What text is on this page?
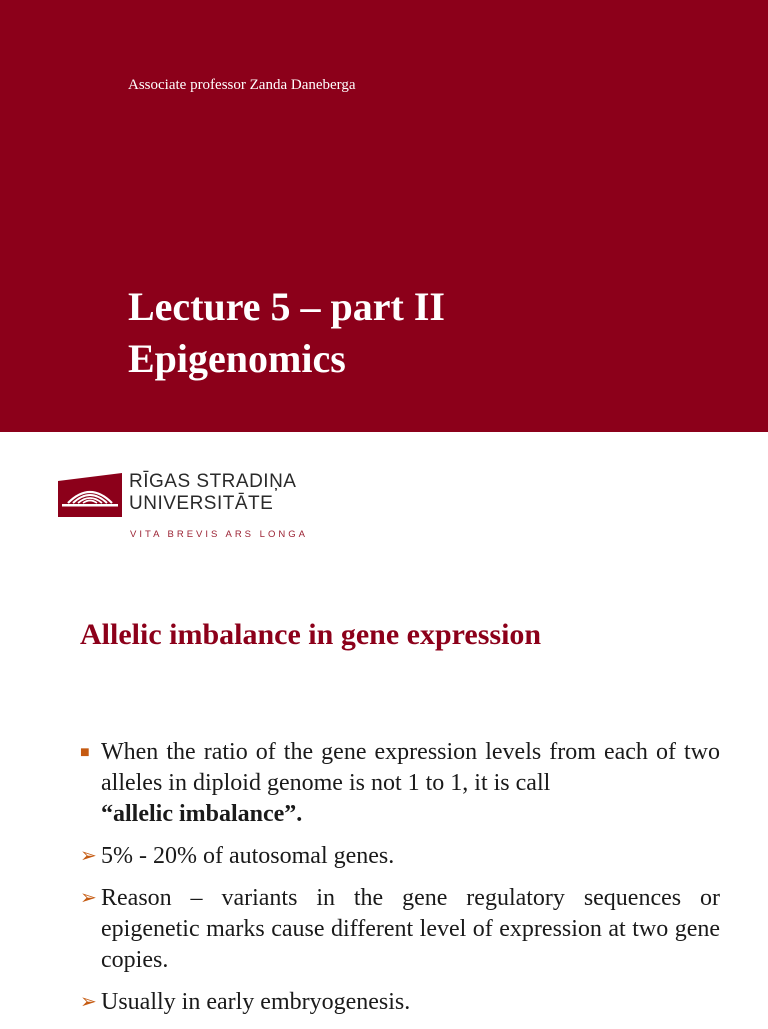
Associate professor Zanda Daneberga
Lecture 5 – part II
Epigenomics
RĪGAS STRADIŅA
UNIVERSITĀTE
VITA BREVIS ARS LONGA
Allelic imbalance in gene expression
■ When the ratio of the gene expression levels from each of two alleles in diploid genome is not 1 to 1, it is call
“allelic imbalance”.
➢ 5% - 20% of autosomal genes.
➢ Reason – variants in the gene regulatory sequences or epigenetic marks cause different level of expression at two gene copies.
➢ Usually in early embryogenesis.
